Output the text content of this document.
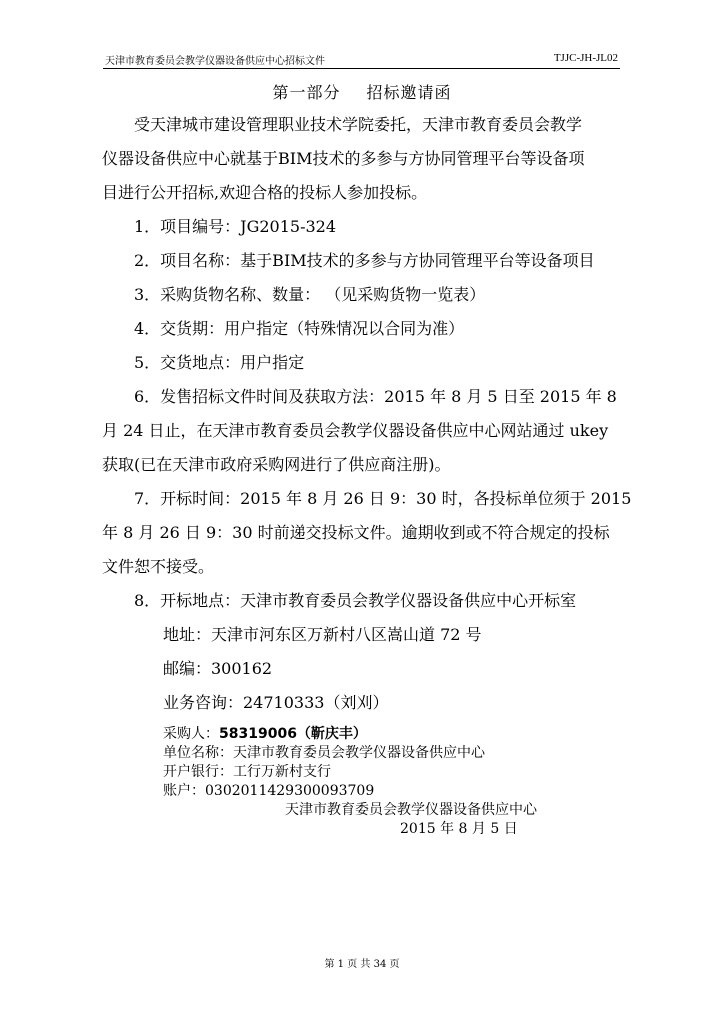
天津市教育委员会教学仪器设备供应中心招标文件	TJJC-JH-JL02
第一部分 招标邀请函
受天津城市建设管理职业技术学院委托，天津市教育委员会教学
仪器设备供应中心就基于BIM技术的多参与方协同管理平台等设备项
目进行公开招标,欢迎合格的投标人参加投标。
1．项目编号：JG2015-324
2．项目名称：基于BIM技术的多参与方协同管理平台等设备项目
3．采购货物名称、数量： （见采购货物一览表）
4．交货期：用户指定（特殊情况以合同为准）
5．交货地点：用户指定
6．发售招标文件时间及获取方法：2015 年 8 月 5 日至 2015 年 8
月 24 日止，在天津市教育委员会教学仪器设备供应中心网站通过 ukey
获取(已在天津市政府采购网进行了供应商注册)。
7．开标时间：2015 年 8 月 26 日 9：30 时，各投标单位须于 2015
年 8 月 26 日 9：30 时前递交投标文件。逾期收到或不符合规定的投标
文件恕不接受。
8．开标地点：天津市教育委员会教学仪器设备供应中心开标室
地址：天津市河东区万新村八区嵩山道 72 号
邮编：300162
业务咨询：24710333（刘刈）
采购人：58319006（靳庆丰）
单位名称：天津市教育委员会教学仪器设备供应中心
开户银行：工行万新村支行
账户：0302011429300093709
天津市教育委员会教学仪器设备供应中心
2015 年 8 月 5 日
第 1 页 共 34 页
